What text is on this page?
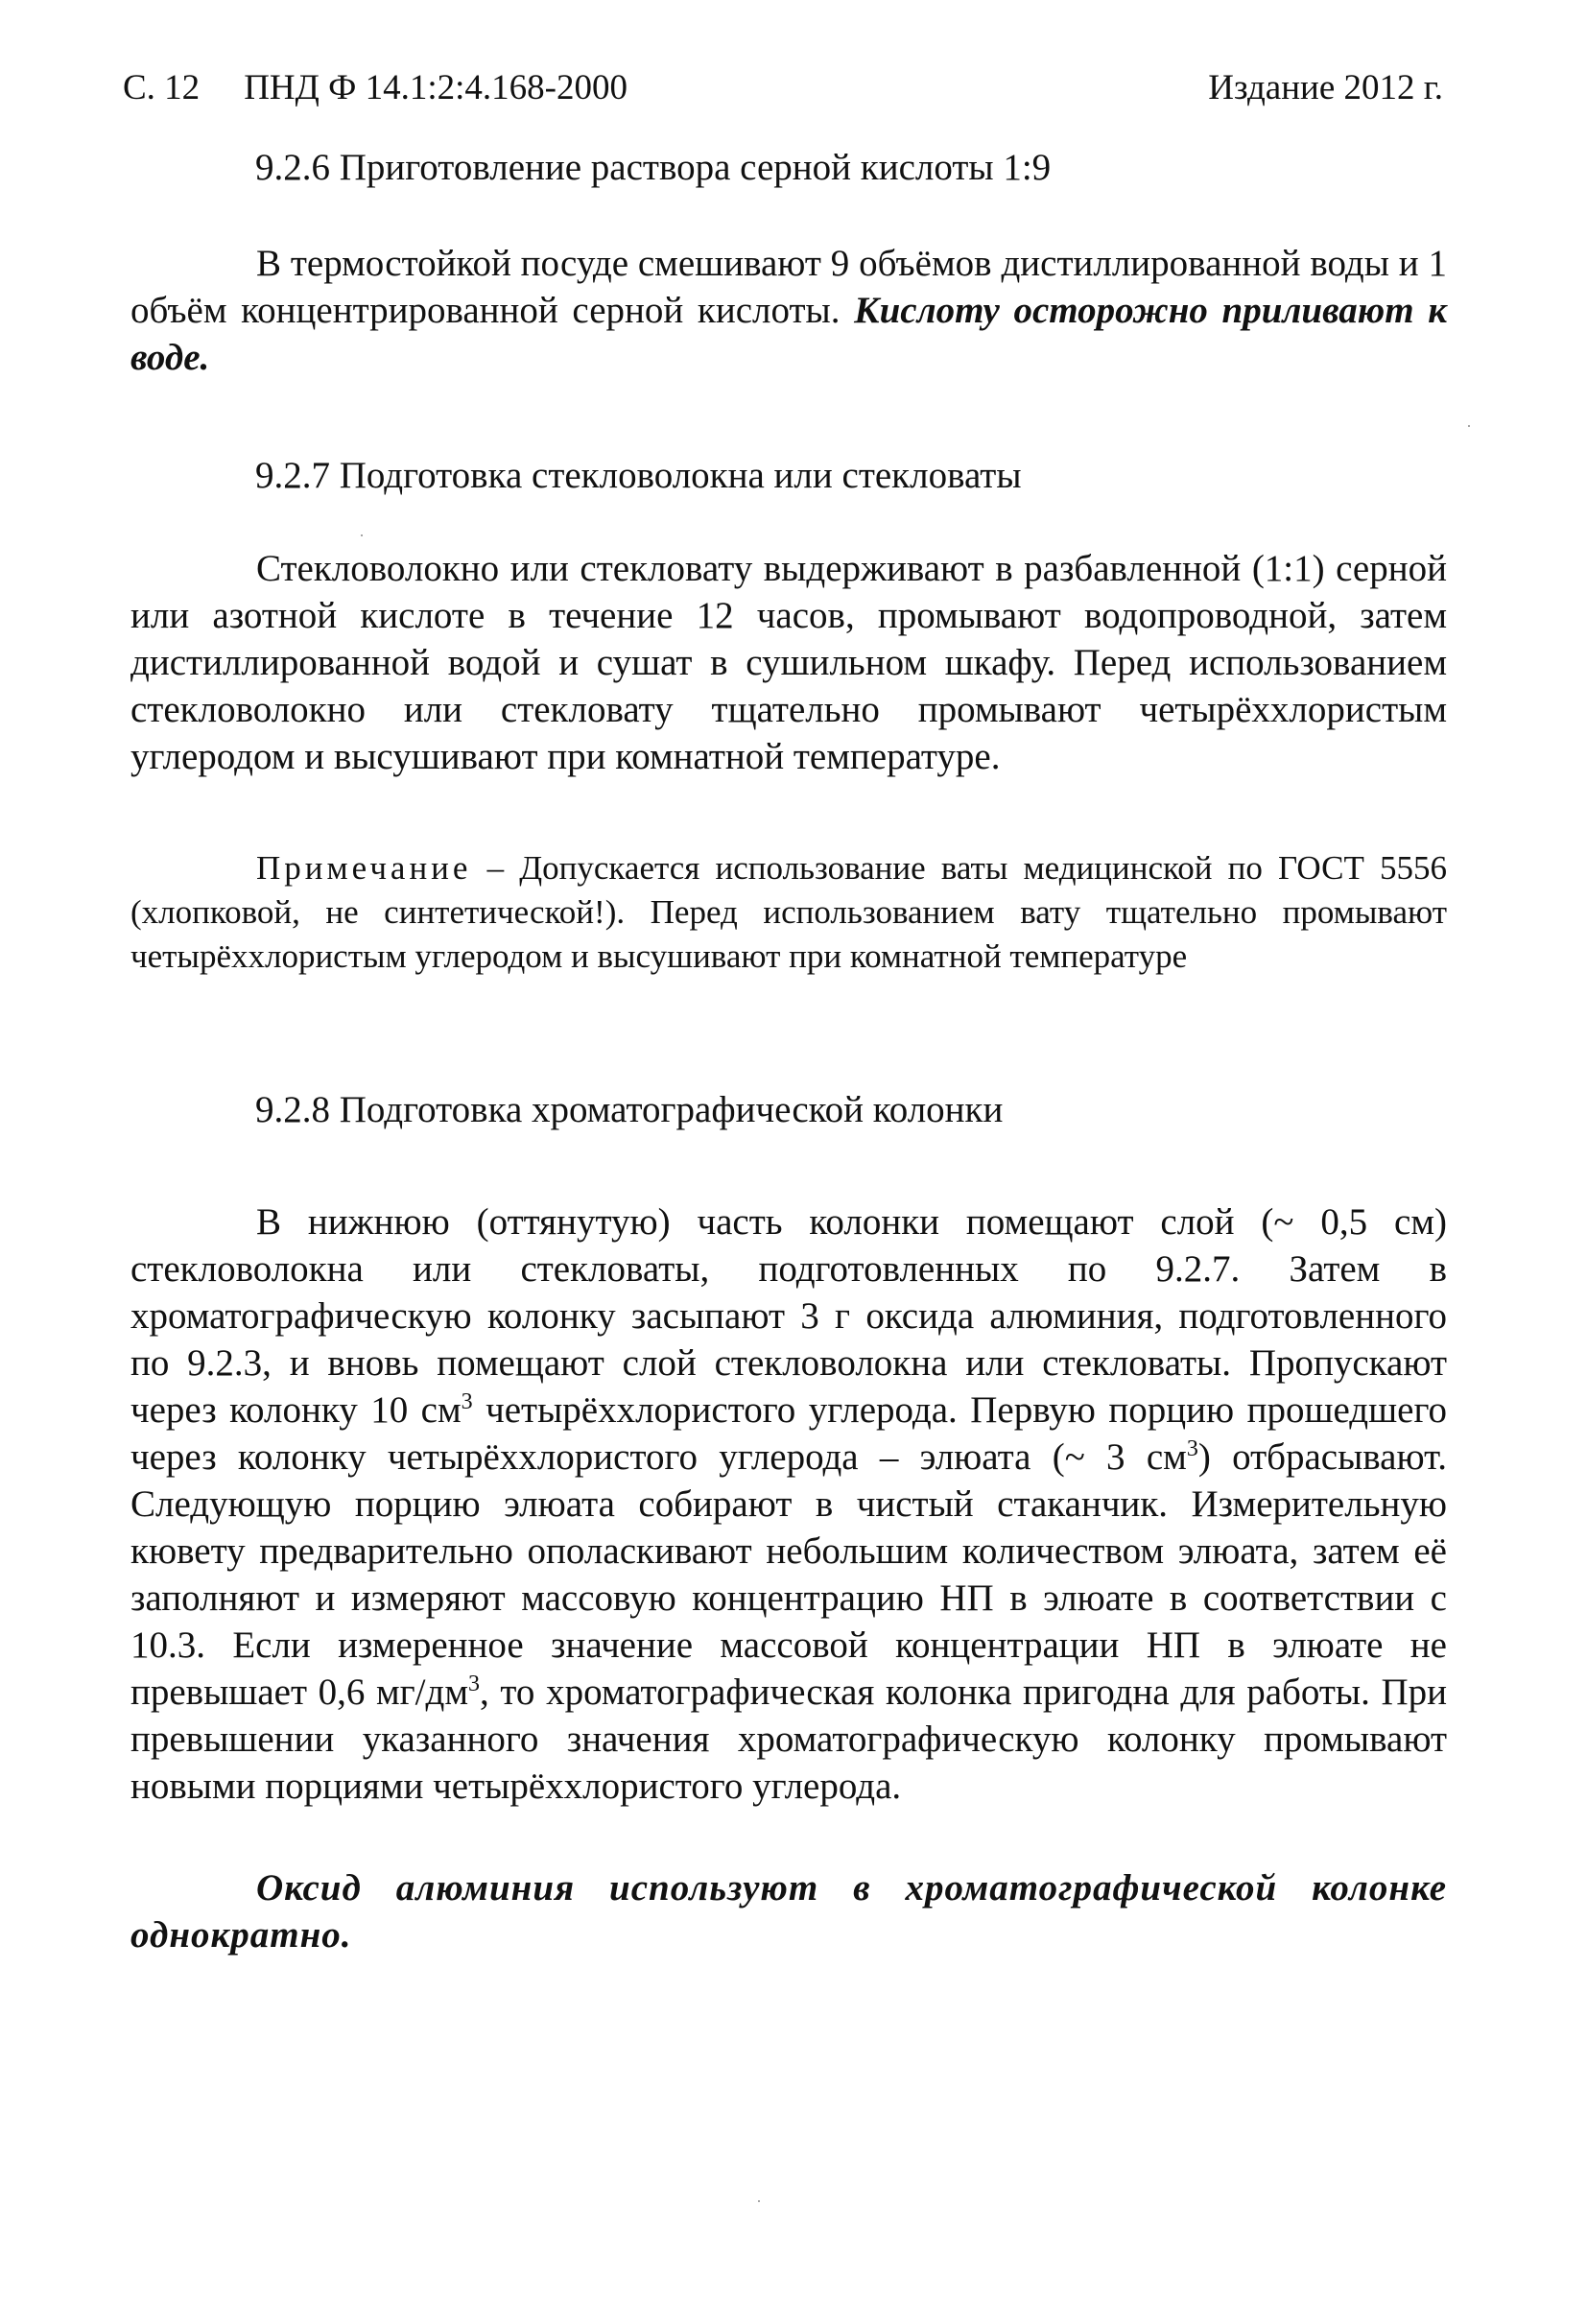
С. 12 ПНД Ф 14.1:2:4.168-2000	Издание 2012 г.
9.2.6 Приготовление раствора серной кислоты 1:9
В термостойкой посуде смешивают 9 объёмов дистиллированной воды и 1 объём концентрированной серной кислоты. Кислоту осторожно приливают к воде.
9.2.7 Подготовка стекловолокна или стекловаты
Стекловолокно или стекловату выдерживают в разбавленной (1:1) серной или азотной кислоте в течение 12 часов, промывают водопроводной, затем дистиллированной водой и сушат в сушильном шкафу. Перед использованием стекловолокно или стекловату тщательно промывают четырёххлористым углеродом и высушивают при комнатной температуре.
Примечание – Допускается использование ваты медицинской по ГОСТ 5556 (хлопковой, не синтетической!). Перед использованием вату тщательно промывают четырёххлористым углеродом и высушивают при комнатной температуре
9.2.8 Подготовка хроматографической колонки
В нижнюю (оттянутую) часть колонки помещают слой (~ 0,5 см) стекловолокна или стекловаты, подготовленных по 9.2.7. Затем в хроматографическую колонку засыпают 3 г оксида алюминия, подготовленного по 9.2.3, и вновь помещают слой стекловолокна или стекловаты. Пропускают через колонку 10 $см^3$ четырёххлористого углерода. Первую порцию прошедшего через колонку четырёххлористого углерода – элюата (~ 3 $см^3$) отбрасывают. Следующую порцию элюата собирают в чистый стаканчик. Измерительную кювету предварительно ополаскивают небольшим количеством элюата, затем её заполняют и измеряют массовую концентрацию НП в элюате в соответствии с 10.3. Если измеренное значение массовой концентрации НП в элюате не превышает 0,6 $мг/дм^3$, то хроматографическая колонка пригодна для работы. При превышении указанного значения хроматографическую колонку промывают новыми порциями четырёххлористого углерода.
Оксид алюминия используют в хроматографической колонке однократно.
